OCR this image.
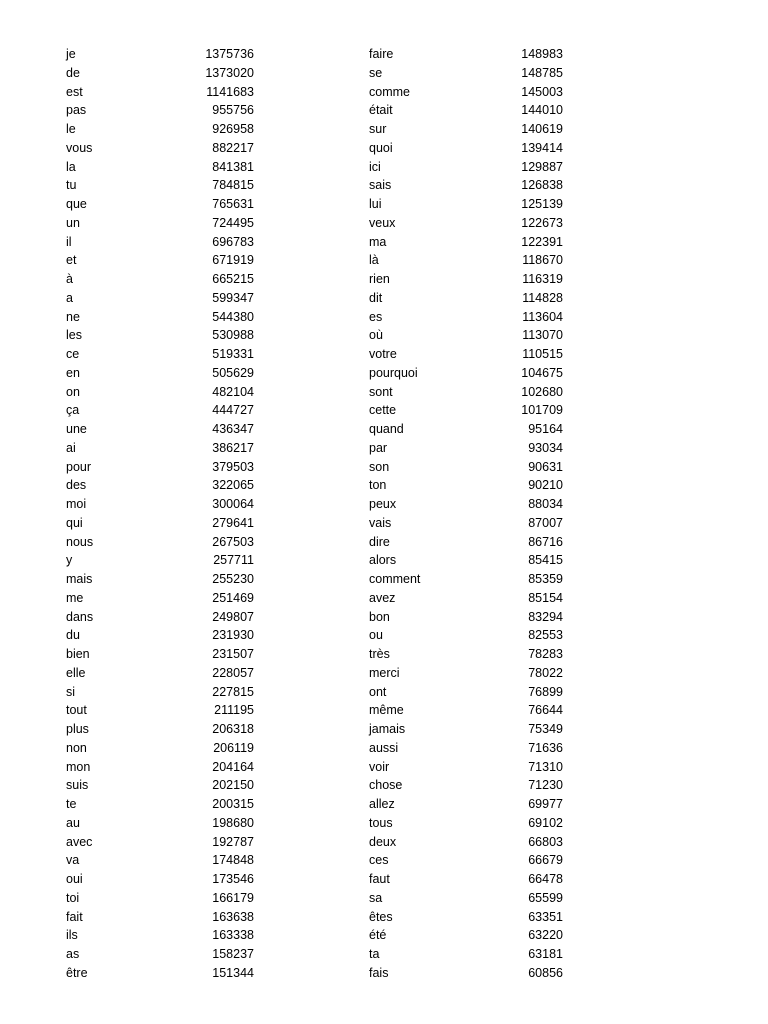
je	1375736
de	1373020
est	1141683
pas	955756
le	926958
vous	882217
la	841381
tu	784815
que	765631
un	724495
il	696783
et	671919
à	665215
a	599347
ne	544380
les	530988
ce	519331
en	505629
on	482104
ça	444727
une	436347
ai	386217
pour	379503
des	322065
moi	300064
qui	279641
nous	267503
y	257711
mais	255230
me	251469
dans	249807
du	231930
bien	231507
elle	228057
si	227815
tout	211195
plus	206318
non	206119
mon	204164
suis	202150
te	200315
au	198680
avec	192787
va	174848
oui	173546
toi	166179
fait	163638
ils	163338
as	158237
être	151344
faire	148983
se	148785
comme	145003
était	144010
sur	140619
quoi	139414
ici	129887
sais	126838
lui	125139
veux	122673
ma	122391
là	118670
rien	116319
dit	114828
es	113604
où	113070
votre	110515
pourquoi	104675
sont	102680
cette	101709
quand	95164
par	93034
son	90631
ton	90210
peux	88034
vais	87007
dire	86716
alors	85415
comment	85359
avez	85154
bon	83294
ou	82553
très	78283
merci	78022
ont	76899
même	76644
jamais	75349
aussi	71636
voir	71310
chose	71230
allez	69977
tous	69102
deux	66803
ces	66679
faut	66478
sa	65599
êtes	63351
été	63220
ta	63181
fais	60856
